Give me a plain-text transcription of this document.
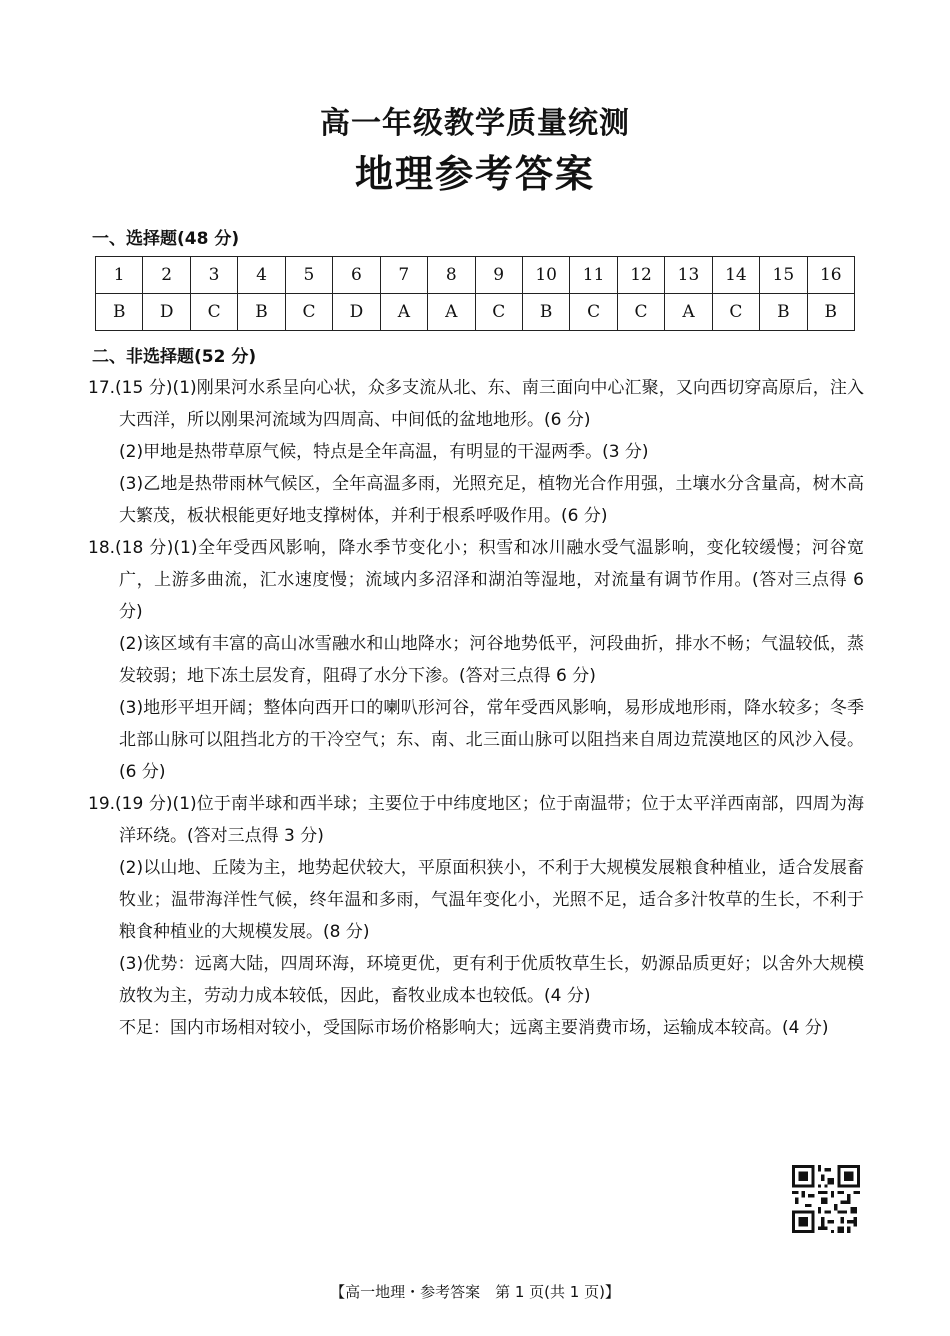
高一年级教学质量统测
地理参考答案
一、选择题(48 分)
1	2	3	4	5	6	7	8	9	10	11	12	13	14	15	16
B	D	C	B	C	D	A	A	C	B	C	C	A	C	B	B
二、非选择题(52 分)

17.(15 分)(1)刚果河水系呈向心状，众多支流从北、东、南三面向中心汇聚，又向西切穿高原后，注入大西洋，所以刚果河流域为四周高、中间低的盆地地形。(6 分)

(2)甲地是热带草原气候，特点是全年高温，有明显的干湿两季。(3 分)

(3)乙地是热带雨林气候区，全年高温多雨，光照充足，植物光合作用强，土壤水分含量高，树木高大繁茂，板状根能更好地支撑树体，并利于根系呼吸作用。(6 分)

18.(18 分)(1)全年受西风影响，降水季节变化小；积雪和冰川融水受气温影响，变化较缓慢；河谷宽广，上游多曲流，汇水速度慢；流域内多沼泽和湖泊等湿地，对流量有调节作用。(答对三点得 6 分)

(2)该区域有丰富的高山冰雪融水和山地降水；河谷地势低平，河段曲折，排水不畅；气温较低，蒸发较弱；地下冻土层发育，阻碍了水分下渗。(答对三点得 6 分)

(3)地形平坦开阔；整体向西开口的喇叭形河谷，常年受西风影响，易形成地形雨，降水较多；冬季北部山脉可以阻挡北方的干冷空气；东、南、北三面山脉可以阻挡来自周边荒漠地区的风沙入侵。(6 分)

19.(19 分)(1)位于南半球和西半球；主要位于中纬度地区；位于南温带；位于太平洋西南部，四周为海洋环绕。(答对三点得 3 分)

(2)以山地、丘陵为主，地势起伏较大，平原面积狭小，不利于大规模发展粮食种植业，适合发展畜牧业；温带海洋性气候，终年温和多雨，气温年变化小，光照不足，适合多汁牧草的生长，不利于粮食种植业的大规模发展。(8 分)

(3)优势：远离大陆，四周环海，环境更优，更有利于优质牧草生长，奶源品质更好；以舍外大规模放牧为主，劳动力成本较低，因此，畜牧业成本也较低。(4 分)

不足：国内市场相对较小，受国际市场价格影响大；远离主要消费市场，运输成本较高。(4 分)

【高一地理・参考答案　第 1 页(共 1 页)】
